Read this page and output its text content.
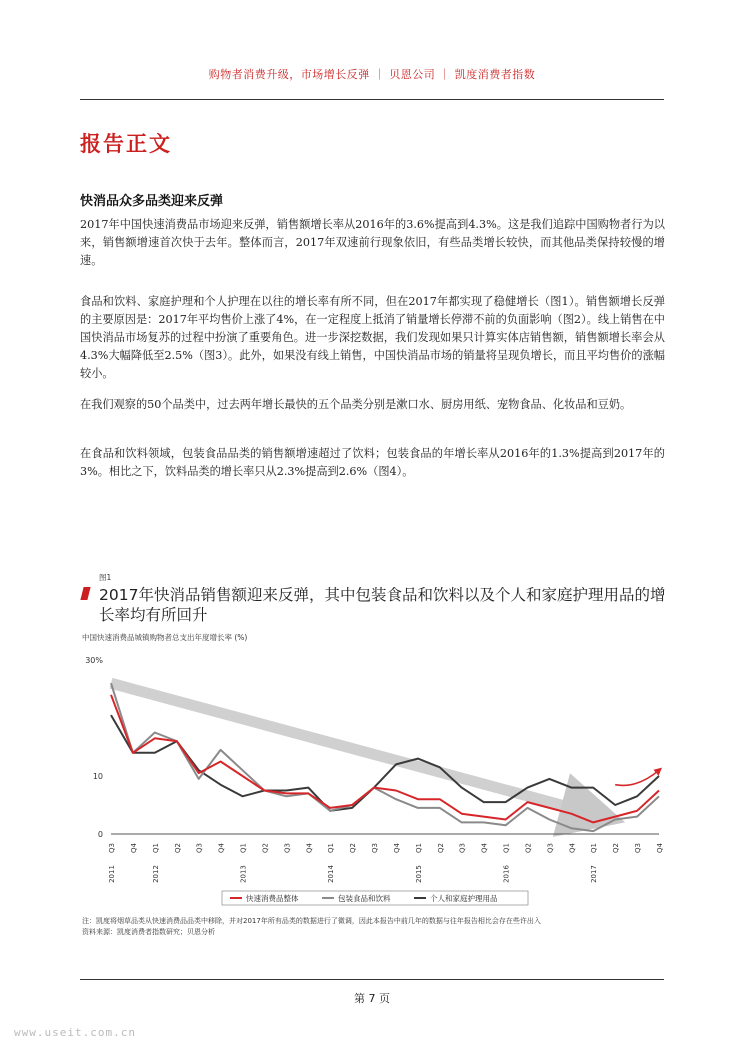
购物者消费升级，市场增长反弹 ｜ 贝恩公司 ｜ 凯度消费者指数
报告正文
快消品众多品类迎来反弹
2017年中国快速消费品市场迎来反弹，销售额增长率从2016年的3.6%提高到4.3%。这是我们追踪中国购物者行为以来，销售额增速首次快于去年。整体而言，2017年双速前行现象依旧，有些品类增长较快，而其他品类保持较慢的增速。
食品和饮料、家庭护理和个人护理在以往的增长率有所不同，但在2017年都实现了稳健增长（图1）。销售额增长反弹的主要原因是：2017年平均售价上涨了4%，在一定程度上抵消了销量增长停滞不前的负面影响（图2）。线上销售在中国快消品市场复苏的过程中扮演了重要角色。进一步深挖数据，我们发现如果只计算实体店销售额，销售额增长率会从4.3%大幅降低至2.5%（图3）。此外，如果没有线上销售，中国快消品市场的销量将呈现负增长，而且平均售价的涨幅较小。
在我们观察的50个品类中，过去两年增长最快的五个品类分别是漱口水、厨房用纸、宠物食品、化妆品和豆奶。
在食品和饮料领域，包装食品品类的销售额增速超过了饮料；包装食品的年增长率从2016年的1.3%提高到2017年的3%。相比之下，饮料品类的增长率只从2.3%提高到2.6%（图4）。
图1
2017年快消品销售额迎来反弹，其中包装食品和饮料以及个人和家庭护理用品的增长率均有所回升
中国快速消费品城镇购物者总支出年度增长率 (%)
0
10
30%
Q3 Q4 Q1 Q2 Q3 Q4 Q1 Q2 Q3 Q4 Q1 Q2 Q3 Q4 Q1 Q2 Q3 Q4 Q1 Q2 Q3 Q4 Q1 Q2 Q3 Q4
2011	2012	2013	2014	2015	2016	2017
快速消费品整体	包装食品和饮料	个人和家庭护理用品
注：凯度将烟草品类从快速消费品品类中移除，并对2017年所有品类的数据进行了微调，因此本报告中前几年的数据与往年报告相比会存在些许出入
资料来源：凯度消费者指数研究；贝恩分析
第 7 页
www.useit.com.cn
